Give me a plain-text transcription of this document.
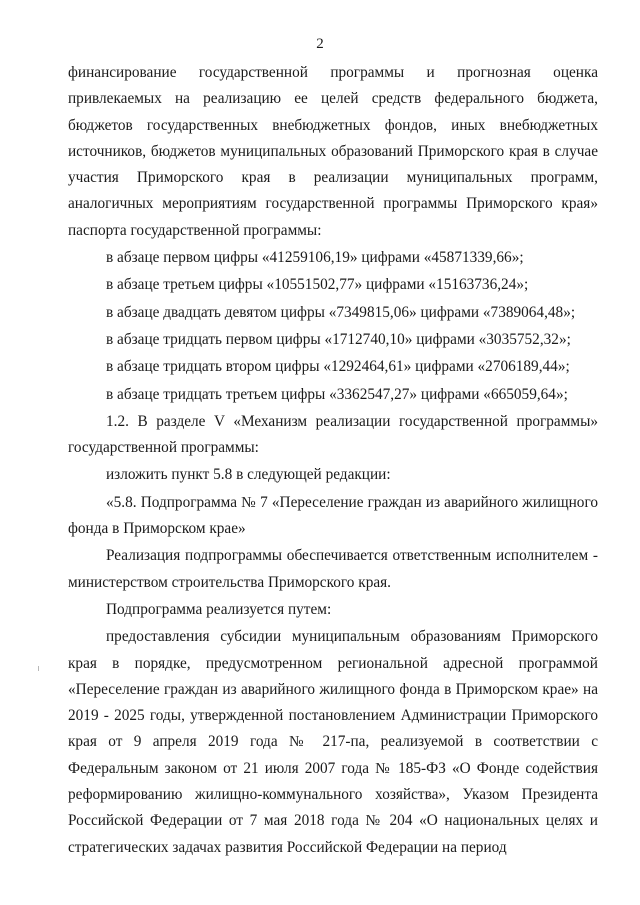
2

финансирование государственной программы и прогнозная оценка привлекаемых на реализацию ее целей средств федерального бюджета, бюджетов государственных внебюджетных фондов, иных внебюджетных источников, бюджетов муниципальных образований Приморского края в случае участия Приморского края в реализации муниципальных программ, аналогичных мероприятиям государственной программы Приморского края» паспорта государственной программы:

в абзаце первом цифры «41259106,19» цифрами «45871339,66»;

в абзаце третьем цифры «10551502,77» цифрами «15163736,24»;

в абзаце двадцать девятом цифры «7349815,06» цифрами «7389064,48»;

в абзаце тридцать первом цифры «1712740,10» цифрами «3035752,32»;

в абзаце тридцать втором цифры «1292464,61» цифрами «2706189,44»;

в абзаце тридцать третьем цифры «3362547,27» цифрами «665059,64»;

1.2. В разделе V «Механизм реализации государственной программы» государственной программы:

изложить пункт 5.8 в следующей редакции:

«5.8. Подпрограмма № 7 «Переселение граждан из аварийного жилищного фонда в Приморском крае»

Реализация подпрограммы обеспечивается ответственным исполнителем - министерством строительства Приморского края.

Подпрограмма реализуется путем:

предоставления субсидии муниципальным образованиям Приморского края в порядке, предусмотренном региональной адресной программой «Переселение граждан из аварийного жилищного фонда в Приморском крае» на 2019 - 2025 годы, утвержденной постановлением Администрации Приморского края от 9 апреля 2019 года № 217-па, реализуемой в соответствии с Федеральным законом от 21 июля 2007 года № 185-ФЗ «О Фонде содействия реформированию жилищно-коммунального хозяйства», Указом Президента Российской Федерации от 7 мая 2018 года № 204 «О национальных целях и стратегических задачах развития Российской Федерации на период
